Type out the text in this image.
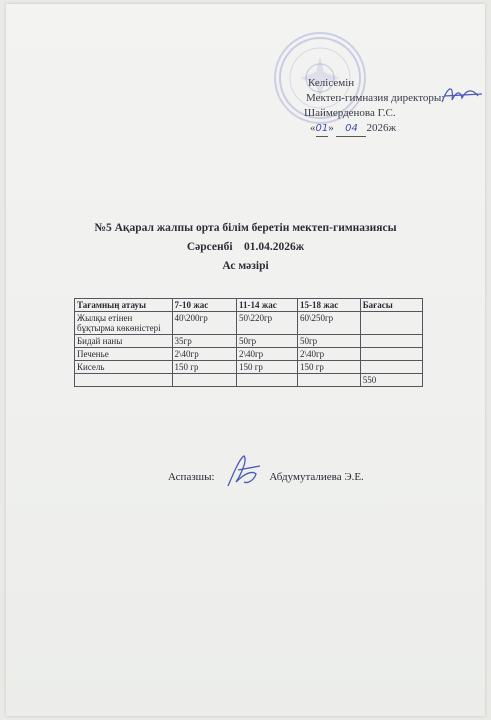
Келісемін
Мектеп-гимназия директоры:
Шаймерденова Г.С.
«01» 04 2026ж
№5 Ақарал жалпы орта білім беретін мектеп-гимназиясы
Сәрсенбі    01.04.2026ж
Ас мәзірі
Тағамның атауы	7-10 жас	11-14 жас	15-18 жас	Бағасы
Жылқы етінен бұқтырма көкөністері	40\200гр	50\220гр	60\250гр	
Бидай наны	35гр	50гр	50гр	
Печенье	2\40гр	2\40гр	2\40гр	
Кисель	150 гр	150 гр	150 гр	
				550
Аспазшы:	Абдумуталиева Э.Е.
